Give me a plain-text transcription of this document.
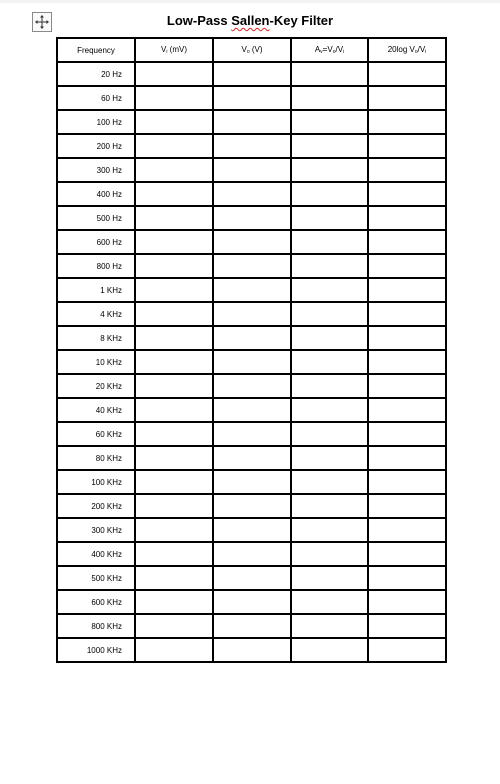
Low-Pass Sallen-Key Filter
Frequency	$V_i$ (mV)	$V_o$ (V)	$A_v=V_o/V_i$	20log $V_o/V_i$
20 Hz				
60 Hz				
100 Hz				
200 Hz				
300 Hz				
400 Hz				
500 Hz				
600 Hz				
800 Hz				
1 KHz				
4 KHz				
8 KHz				
10 KHz				
20 KHz				
40 KHz				
60 KHz				
80 KHz				
100 KHz				
200 KHz				
300 KHz				
400 KHz				
500 KHz				
600 KHz				
800 KHz				
1000 KHz				
